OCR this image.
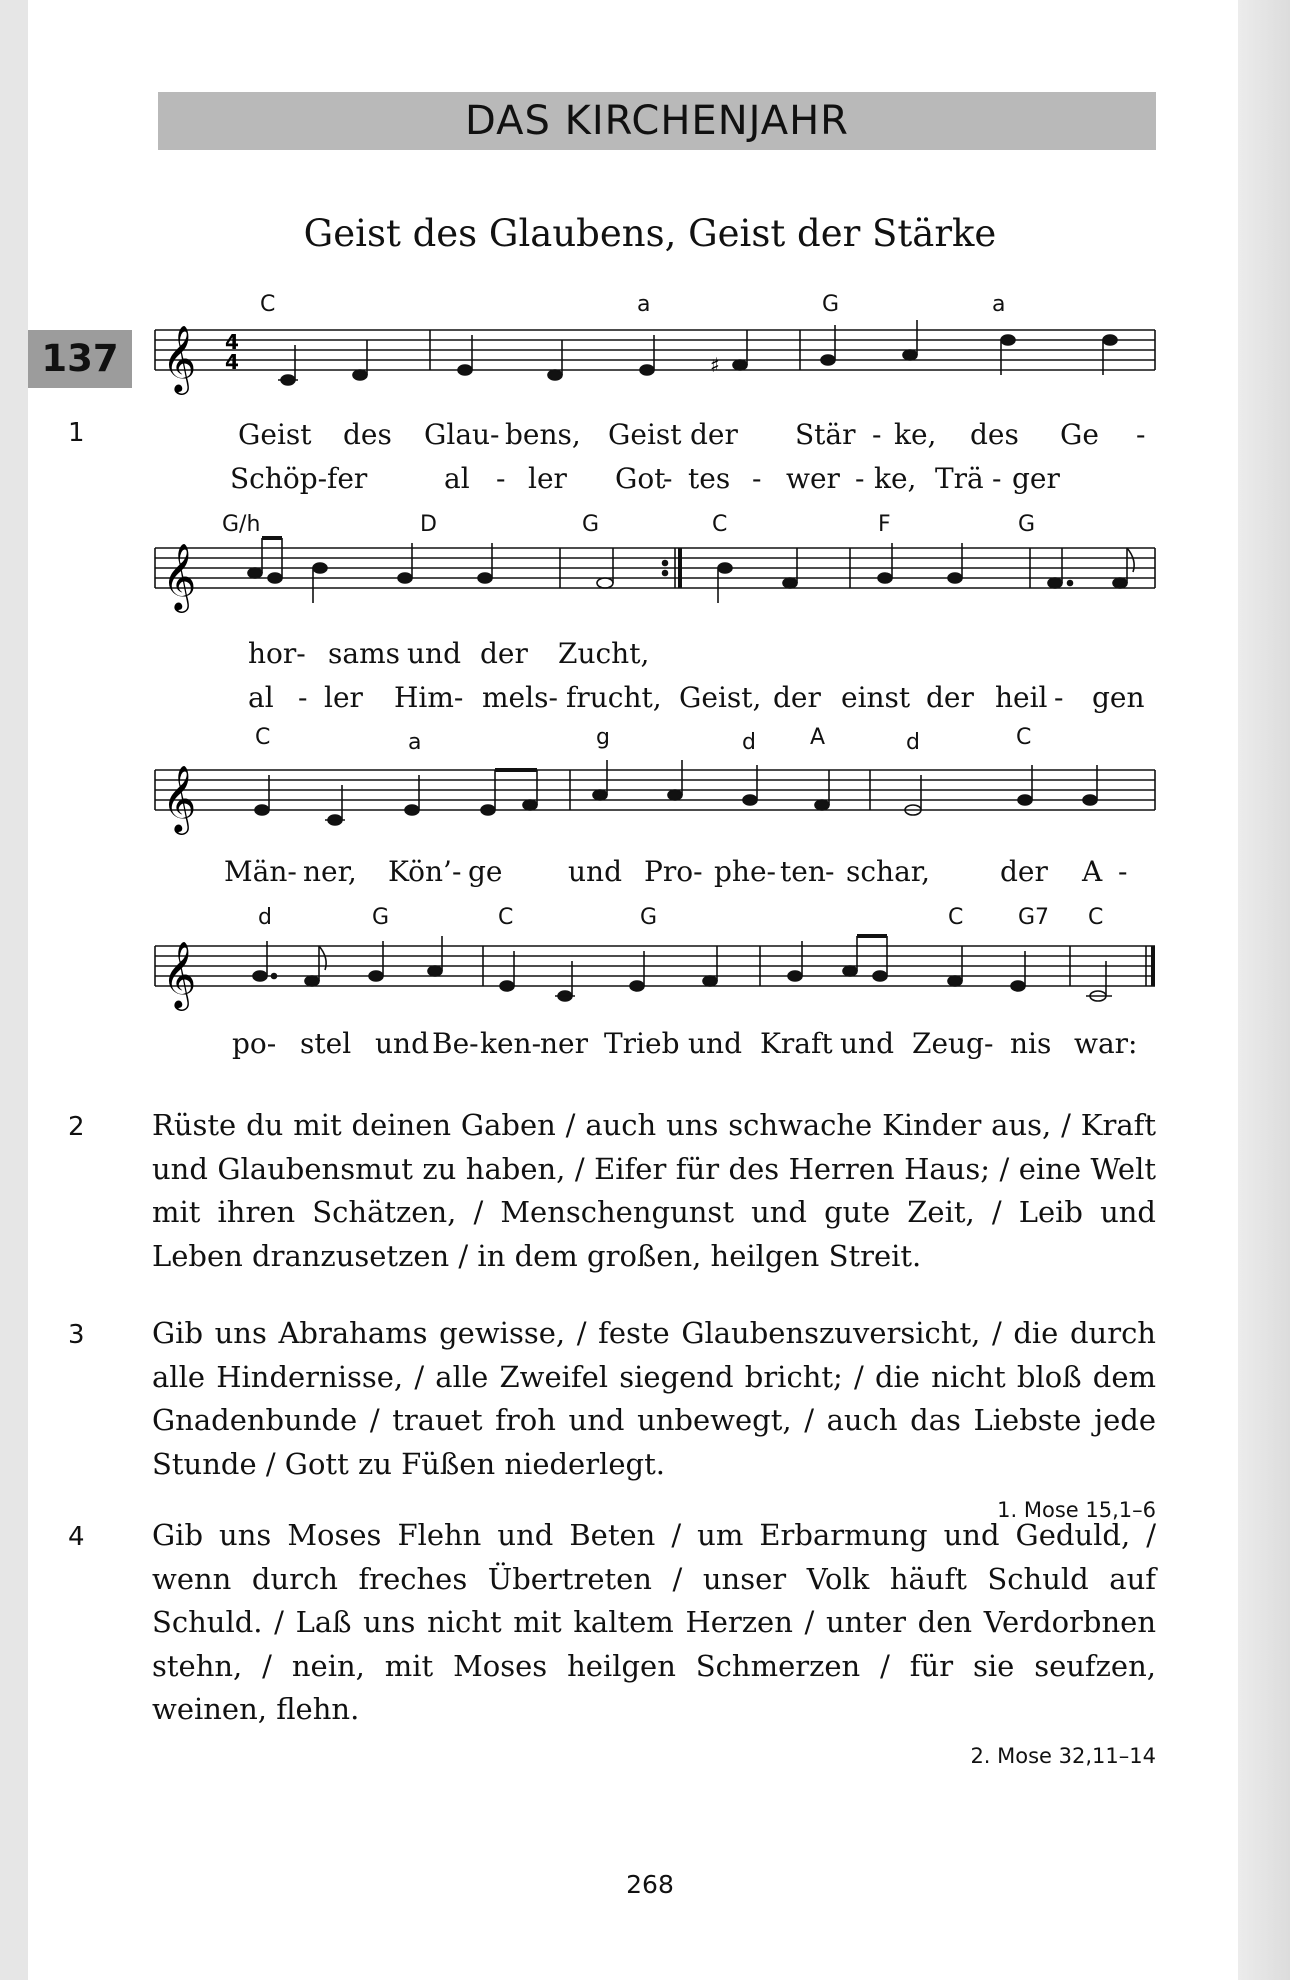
DAS KIRCHENJAHR
Geist des Glaubens, Geist der Stärke
137
C	a	G	a
𝄞 4
4	♯
1	Geist des Glau- bens, Geist der Stär - ke, des Ge -
Schöp- fer	al - ler Got
- tes - wer - ke, Trä - ger
G/h	D	G	C	F	G
𝄞
hor- sams und der Zucht,
al - ler Him- mels- frucht, Geist, der einst der heil - gen
C	a	g	d A	d	C
𝄞
Män- ner, Kön’- ge und Pro- phe- ten - schar,	der A -
d	G	C	G	C G7 C
𝄞
po- stel und Be- ken-
ner Trieb und Kraft und Zeug- nis war:
2 Rüste du mit deinen Gaben / auch uns schwache Kinder aus, / Kraft und Glaubensmut zu haben, / Eifer für des Herren Haus; / eine Welt mit ihren Schätzen, / Menschengunst und gute Zeit, / Leib und Leben dranzusetzen / in dem großen, heilgen Streit.
3 Gib uns Abrahams gewisse, / feste Glaubenszuversicht, / die durch alle Hindernisse, / alle Zweifel siegend bricht; / die nicht bloß dem Gnadenbunde / trauet froh und unbewegt, / auch das Liebste jede Stunde / Gott zu Füßen niederlegt.
1. Mose 15,1–6
4 Gib uns Moses Flehn und Beten / um Erbarmung und Geduld, / wenn durch freches Übertreten / unser Volk häuft Schuld auf Schuld. / Laß uns nicht mit kaltem Herzen / unter den Verdorbnen stehn, / nein, mit Moses heilgen Schmerzen / für sie seufzen, weinen, flehn.
2. Mose 32,11–14
268
